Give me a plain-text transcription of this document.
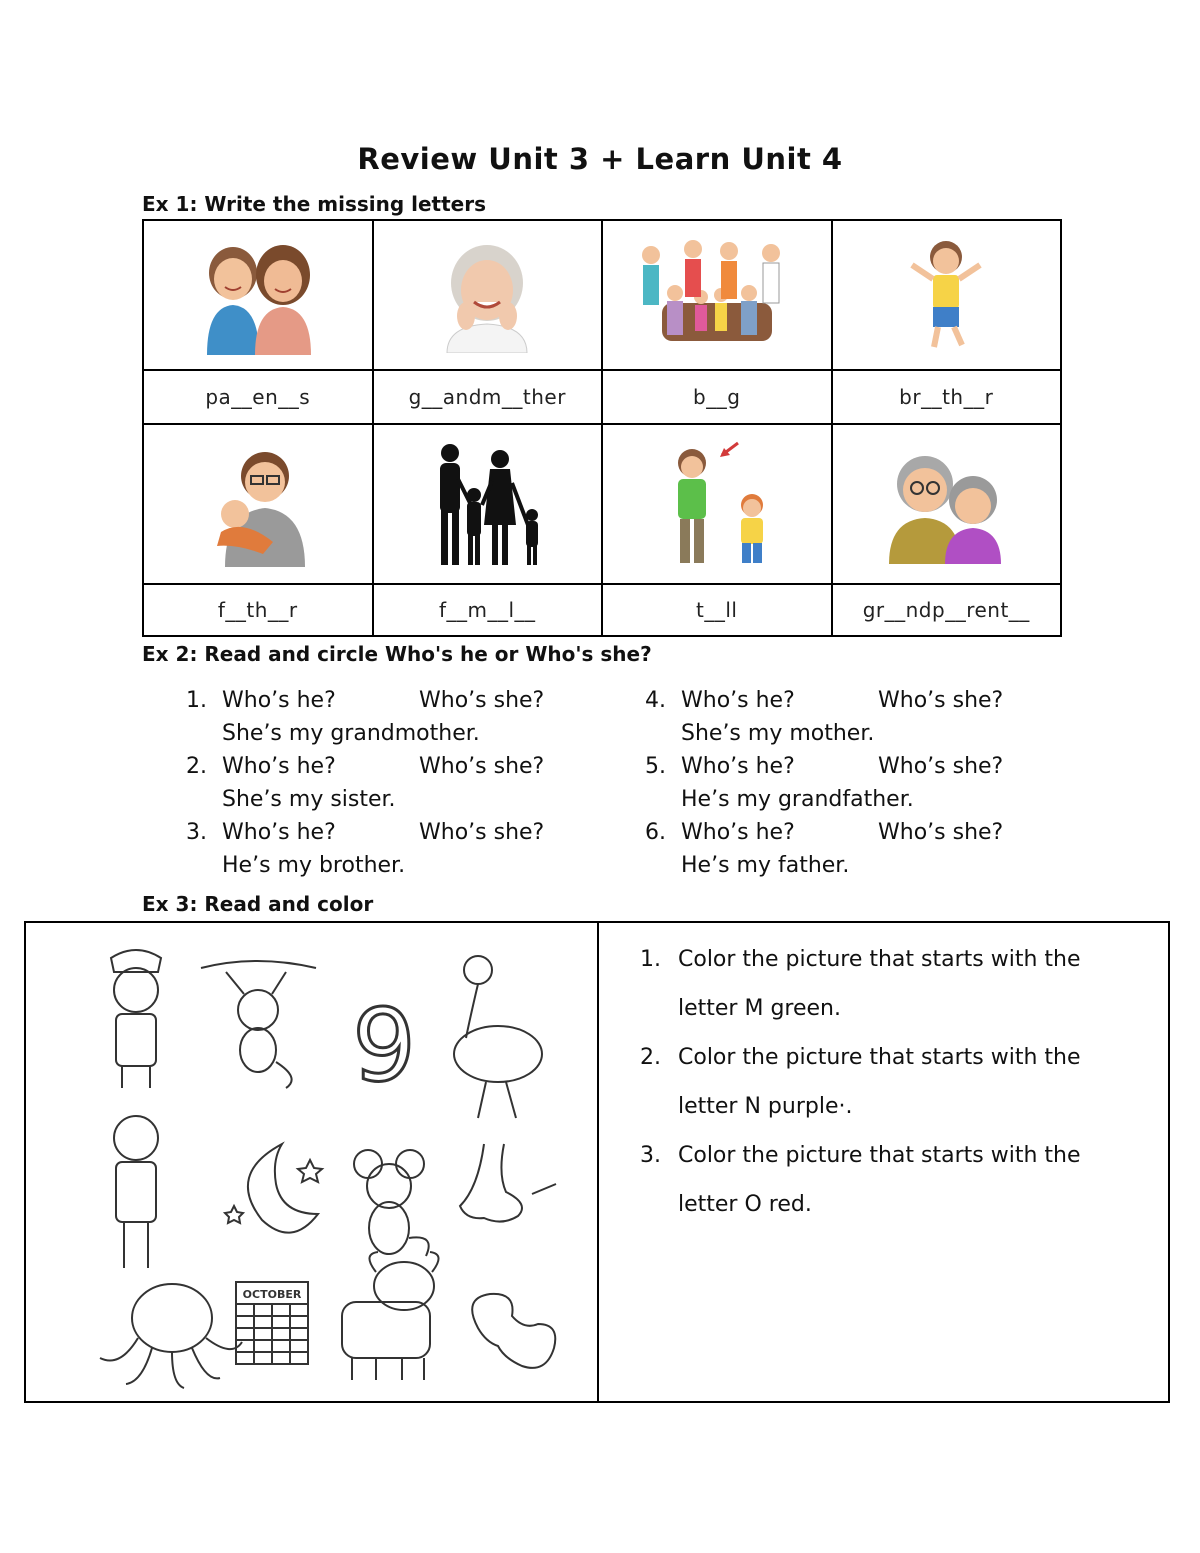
Review Unit 3 + Learn Unit 4
Ex 1: Write the missing letters

pa__en__s	g__andm__ther	b__g	br__th__r

f__th__r	f__m__l__	t__ll	gr__ndp__rent__
Ex 2: Read and circle Who's he or Who's she?
1. Who’s he?	Who’s she?
She’s my grandmother.
2. Who’s he?	Who’s she?
She’s my sister.
3. Who’s he?	Who’s she?
He’s my brother.
4. Who’s he?	Who’s she?
She’s my mother.
5. Who’s he?	Who’s she?
He’s my grandfather.
6. Who’s he?	Who’s she?
He’s my father.
Ex 3: Read and color
9
OCTOBER
1. Color the picture that starts with the
letter M green.
2. Color the picture that starts with the
letter N purple·.
3. Color the picture that starts with the
letter O red.
